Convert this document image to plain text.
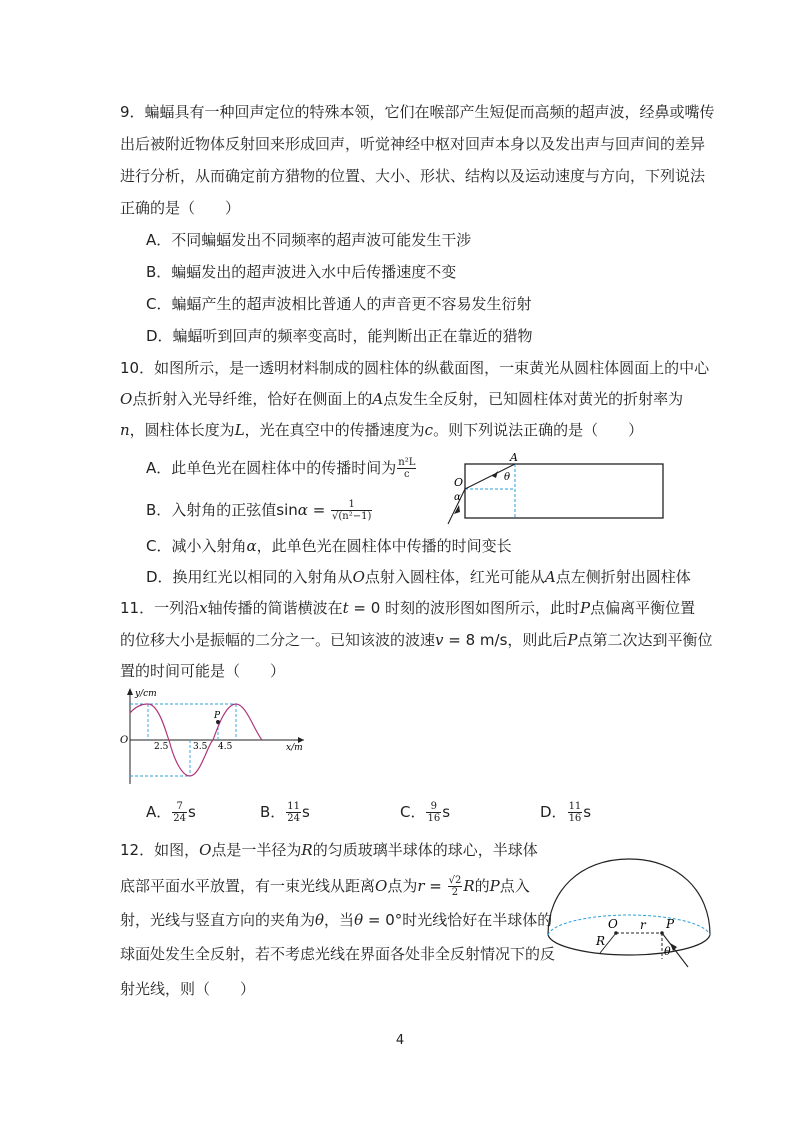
9．蝙蝠具有一种回声定位的特殊本领，它们在喉部产生短促而高频的超声波，经鼻或嘴传
出后被附近物体反射回来形成回声，听觉神经中枢对回声本身以及发出声与回声间的差异
进行分析，从而确定前方猎物的位置、大小、形状、结构以及运动速度与方向，下列说法
正确的是（　　）
A．不同蝙蝠发出不同频率的超声波可能发生干涉
B．蝙蝠发出的超声波进入水中后传播速度不变
C．蝙蝠产生的超声波相比普通人的声音更不容易发生衍射
D．蝙蝠听到回声的频率变高时，能判断出正在靠近的猎物
10．如图所示，是一透明材料制成的圆柱体的纵截面图，一束黄光从圆柱体圆面上的中心
O点折射入光导纤维，恰好在侧面上的A点发生全反射，已知圆柱体对黄光的折射率为
n，圆柱体长度为L，光在真空中的传播速度为c。则下列说法正确的是（　　）
A．此单色光在圆柱体中的传播时间为 $\frac{\text{n²L}}{c}$
B．入射角的正弦值$\sin\alpha = \frac{1}{\text{√(n²−1)}}$
C．减小入射角α，此单色光在圆柱体中传播的时间变长
D．换用红光以相同的入射角从O点射入圆柱体，红光可能从A点左侧折射出圆柱体
A
O	θ
α
11．一列沿x轴传播的简谐横波在t = 0 时刻的波形图如图所示，此时P点偏离平衡位置
的位移大小是振幅的二分之一。已知该波的波速v = 8 m/s，则此后P点第二次达到平衡位
置的时间可能是（　　）
y/cm
x/m
O
P
2.5	3.5 4.5
A． $\frac{7}{24}$ s	B． $\frac{11}{24}$ s	C． $\frac{9}{16}$ s	D． $\frac{11}{16}$ s
12．如图，O点是一半径为R的匀质玻璃半球体的球心，半球体
底部平面水平放置，有一束光线从距离O点为$r = \frac{√2}{2}$ R的P点入
射，光线与竖直方向的夹角为θ，当θ = 0°时光线恰好在半球体的
球面处发生全反射，若不考虑光线在界面各处非全反射情况下的反
射光线，则（　　）
O r P
R
θ
4
